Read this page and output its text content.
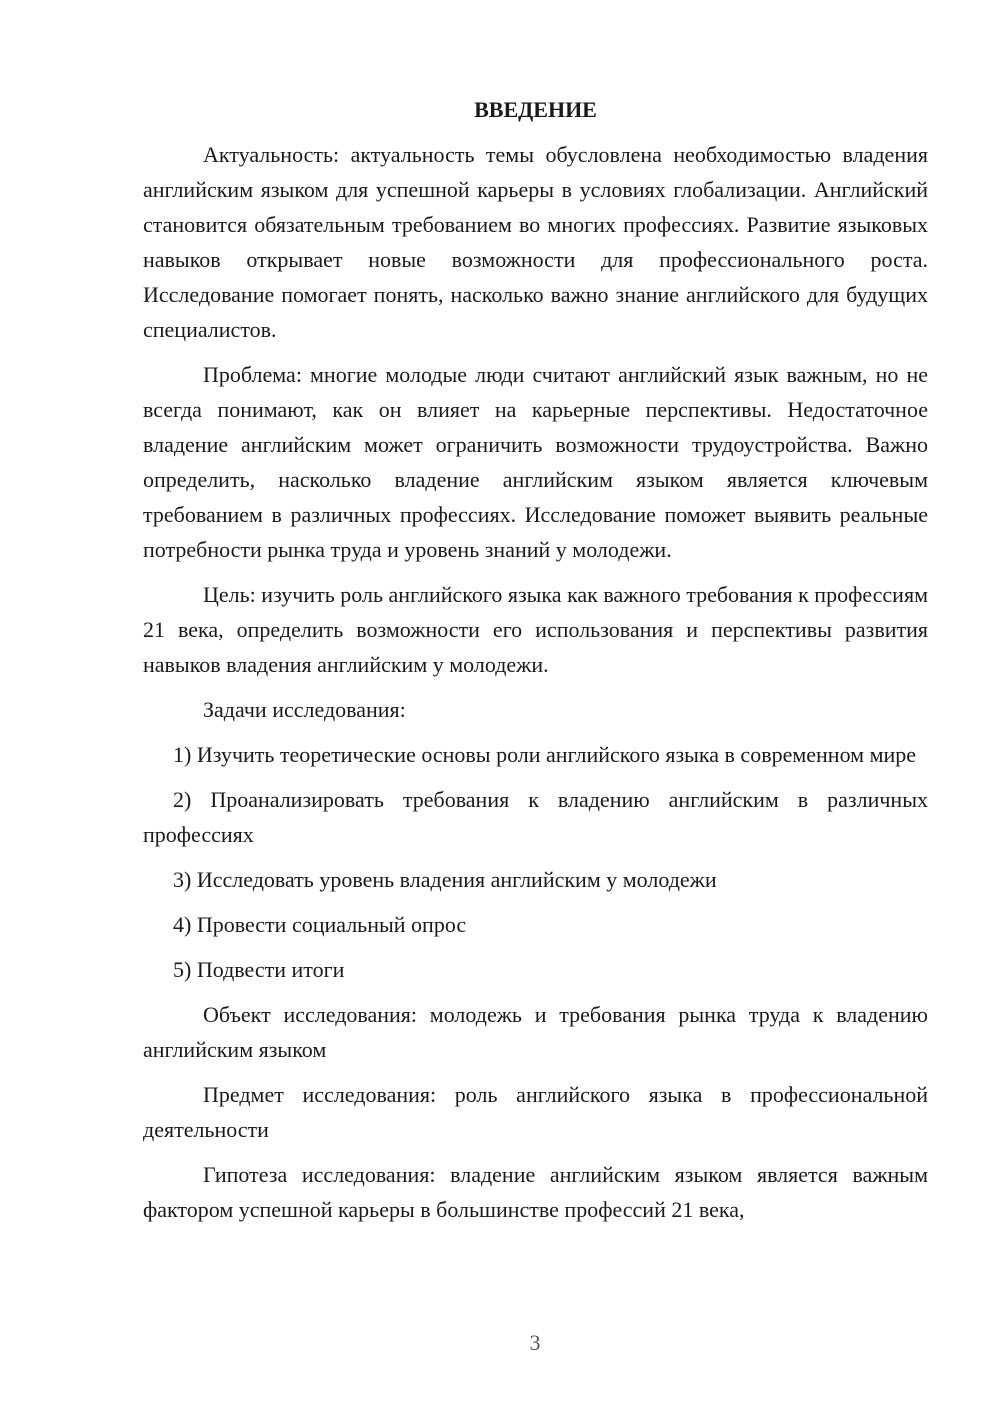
ВВЕДЕНИЕ

Актуальность: актуальность темы обусловлена необходимостью владения английским языком для успешной карьеры в условиях глобализации. Английский становится обязательным требованием во многих профессиях. Развитие языковых навыков открывает новые возможности для профессионального роста. Исследование помогает понять, насколько важно знание английского для будущих специалистов.

Проблема: многие молодые люди считают английский язык важным, но не всегда понимают, как он влияет на карьерные перспективы. Недостаточное владение английским может ограничить возможности трудоустройства. Важно определить, насколько владение английским языком является ключевым требованием в различных профессиях. Исследование поможет выявить реальные потребности рынка труда и уровень знаний у молодежи.

Цель: изучить роль английского языка как важного требования к профессиям 21 века, определить возможности его использования и перспективы развития навыков владения английским у молодежи.

Задачи исследования:

1) Изучить теоретические основы роли английского языка в современном мире

2) Проанализировать требования к владению английским в различных профессиях

3) Исследовать уровень владения английским у молодежи

4) Провести социальный опрос

5) Подвести итоги

Объект исследования: молодежь и требования рынка труда к владению английским языком

Предмет исследования: роль английского языка в профессиональной деятельности

Гипотеза исследования: владение английским языком является важным фактором успешной карьеры в большинстве профессий 21 века,

3
